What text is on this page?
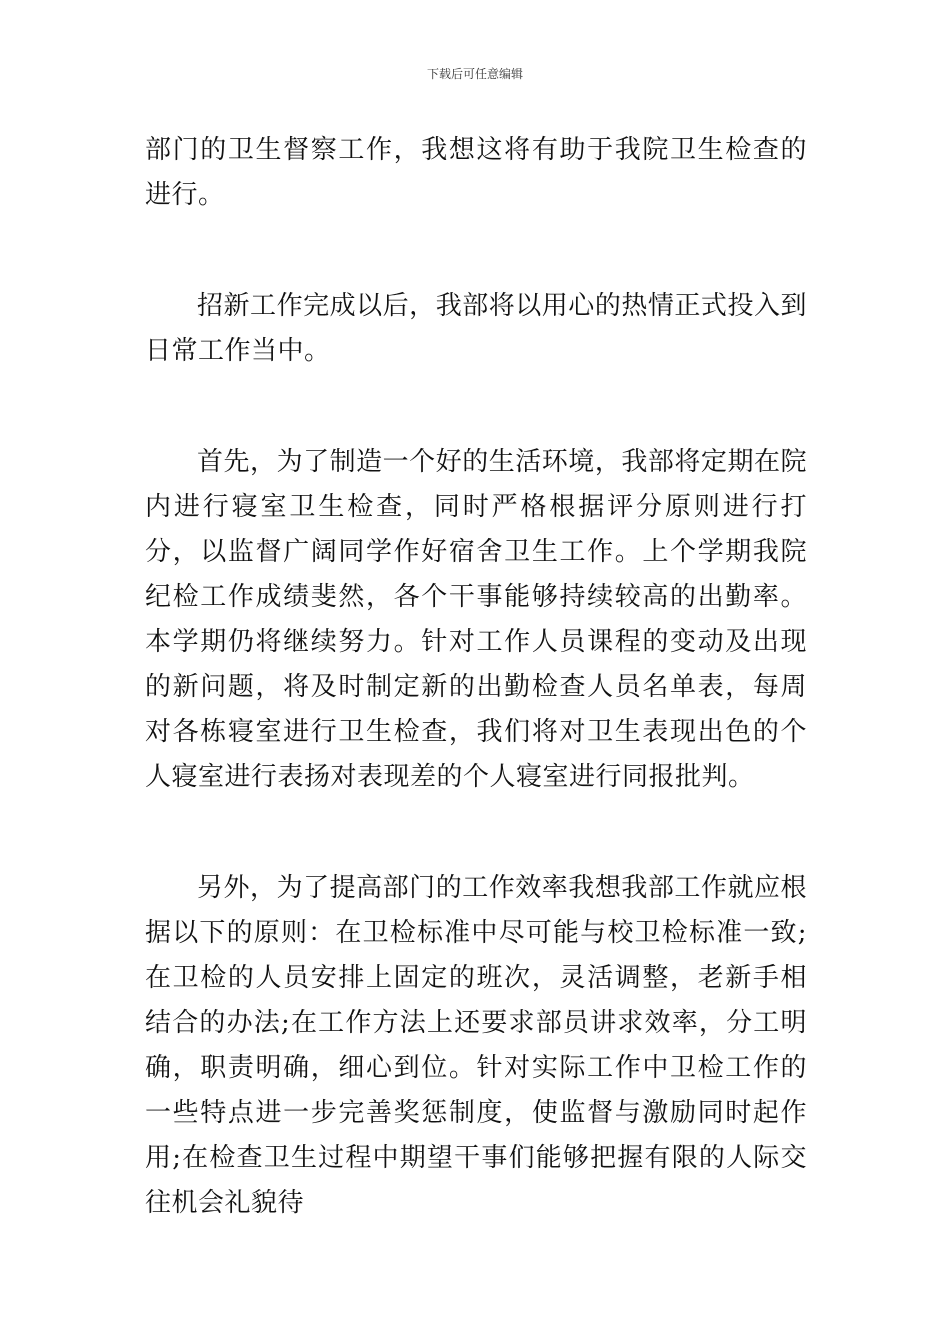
下载后可任意编辑

部门的卫生督察工作，我想这将有助于我院卫生检查的进行。

招新工作完成以后，我部将以用心的热情正式投入到日常工作当中。

首先，为了制造一个好的生活环境，我部将定期在院内进行寝室卫生检查，同时严格根据评分原则进行打分，以监督广阔同学作好宿舍卫生工作。上个学期我院纪检工作成绩斐然，各个干事能够持续较高的出勤率。本学期仍将继续努力。针对工作人员课程的变动及出现的新问题，将及时制定新的出勤检查人员名单表，每周对各栋寝室进行卫生检查，我们将对卫生表现出色的个人寝室进行表扬对表现差的个人寝室进行同报批判。

另外，为了提高部门的工作效率我想我部工作就应根据以下的原则：在卫检标准中尽可能与校卫检标准一致;在卫检的人员安排上固定的班次，灵活调整，老新手相结合的办法;在工作方法上还要求部员讲求效率，分工明确，职责明确，细心到位。针对实际工作中卫检工作的一些特点进一步完善奖惩制度，使监督与激励同时起作用;在检查卫生过程中期望干事们能够把握有限的人际交往机会礼貌待
